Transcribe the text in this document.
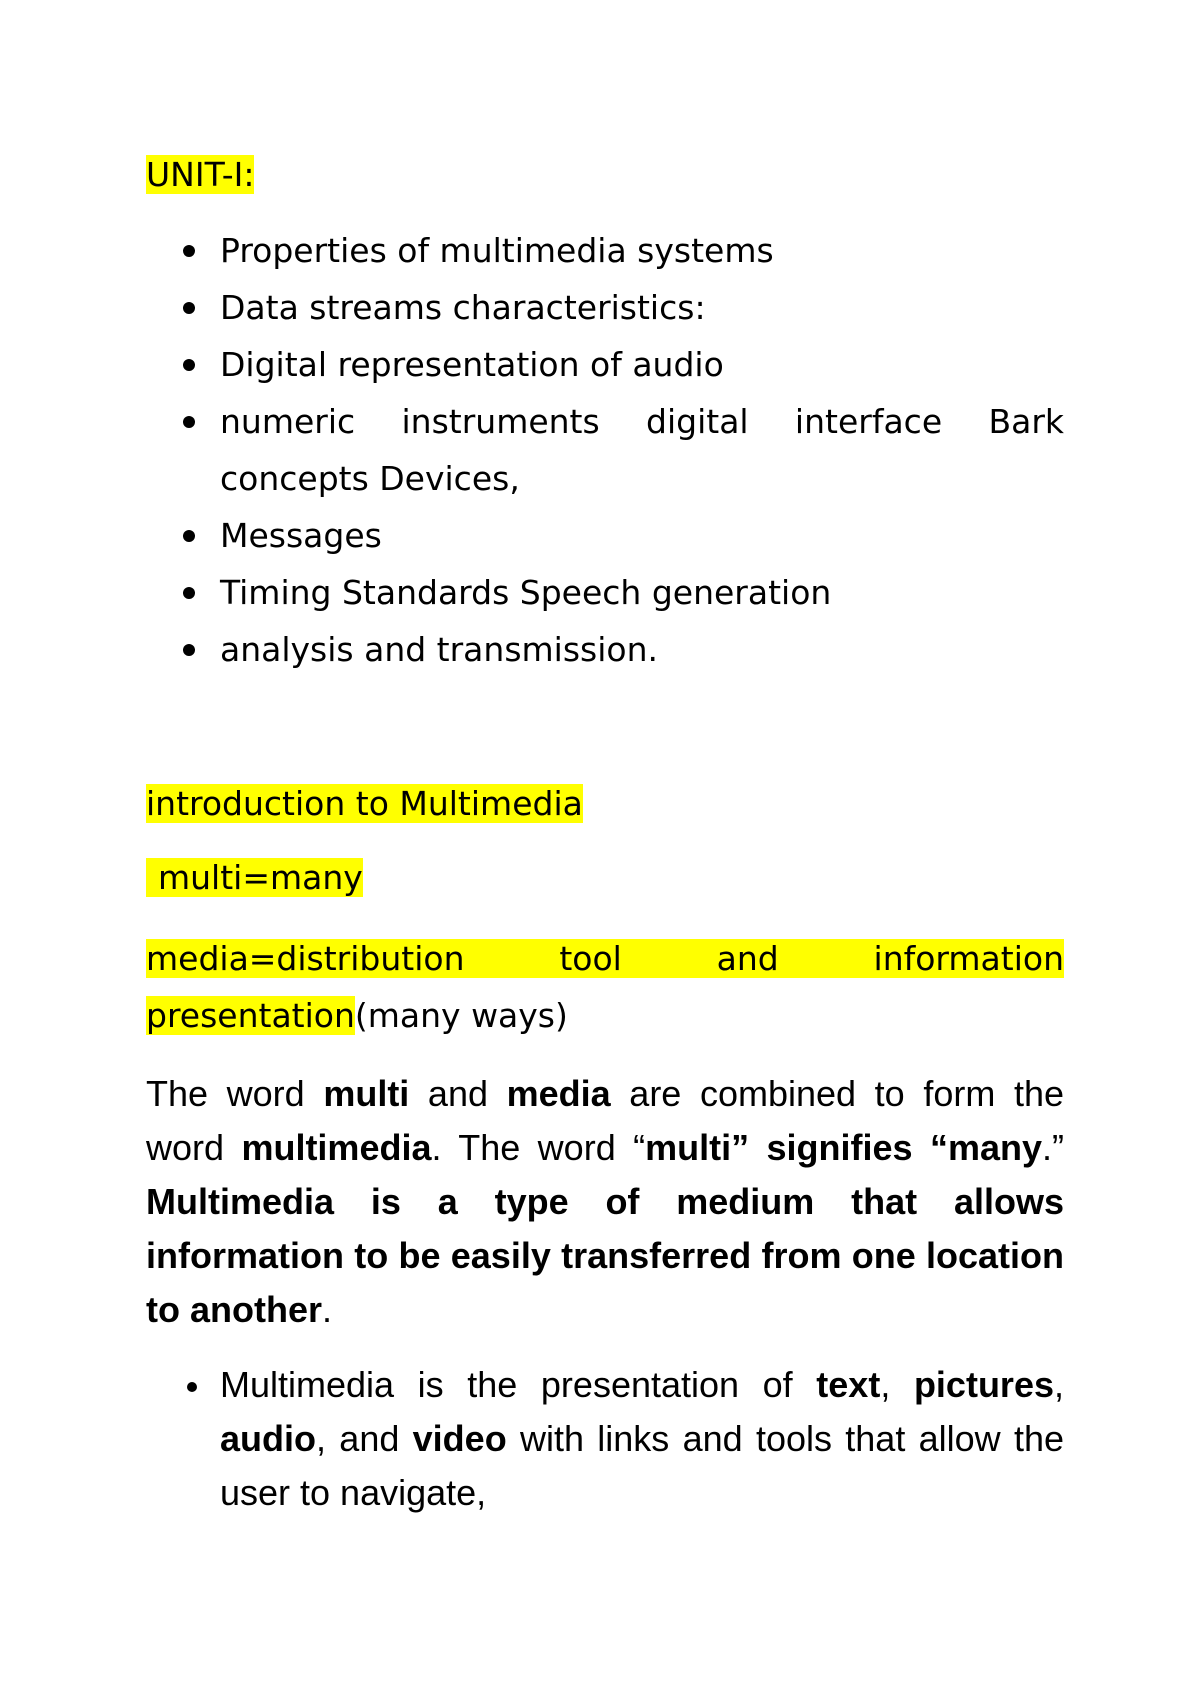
UNIT-I:
Properties of multimedia systems
Data streams characteristics:
Digital representation of audio
numeric instruments digital interface Bark concepts Devices,
Messages
Timing Standards Speech generation
analysis and transmission.
introduction to Multimedia
multi=many
media=distribution tool and information presentation(many ways)
The word multi and media are combined to form the word multimedia. The word “multi” signifies “many.” Multimedia is a type of medium that allows information to be easily transferred from one location to another.
Multimedia is the presentation of text, pictures, audio, and video with links and tools that allow the user to navigate,
